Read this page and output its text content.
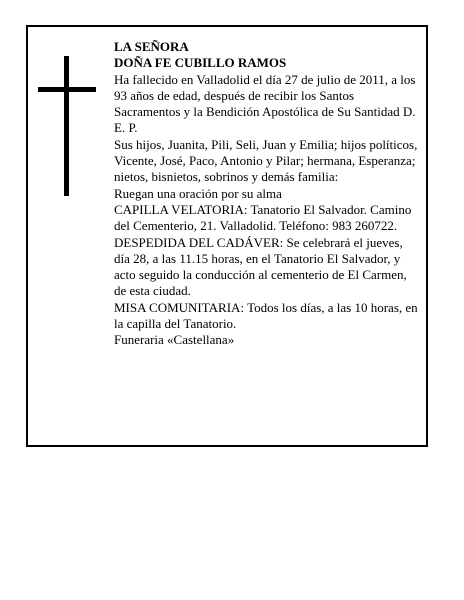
LA SEÑORA

DOÑA FE CUBILLO RAMOS

Ha fallecido en Valladolid el día 27 de julio de 2011, a los 93 años de edad, después de recibir los Santos Sacramentos y la Bendición Apostólica de Su Santidad D. E. P.

Sus hijos, Juanita, Pili, Seli, Juan y Emilia; hijos políticos, Vicente, José, Paco, Antonio y Pilar; hermana, Esperanza; nietos, bisnietos, sobrinos y demás familia:

Ruegan una oración por su alma

CAPILLA VELATORIA: Tanatorio El Salvador. Camino del Cementerio, 21. Valladolid. Teléfono: 983 260722.

DESPEDIDA DEL CADÁVER: Se celebrará el jueves, día 28, a las 11.15 horas, en el Tanatorio El Salvador, y acto seguido la conducción al cementerio de El Carmen, de esta ciudad.

MISA COMUNITARIA: Todos los días, a las 10 horas, en la capilla del Tanatorio.

Funeraria «Castellana»
